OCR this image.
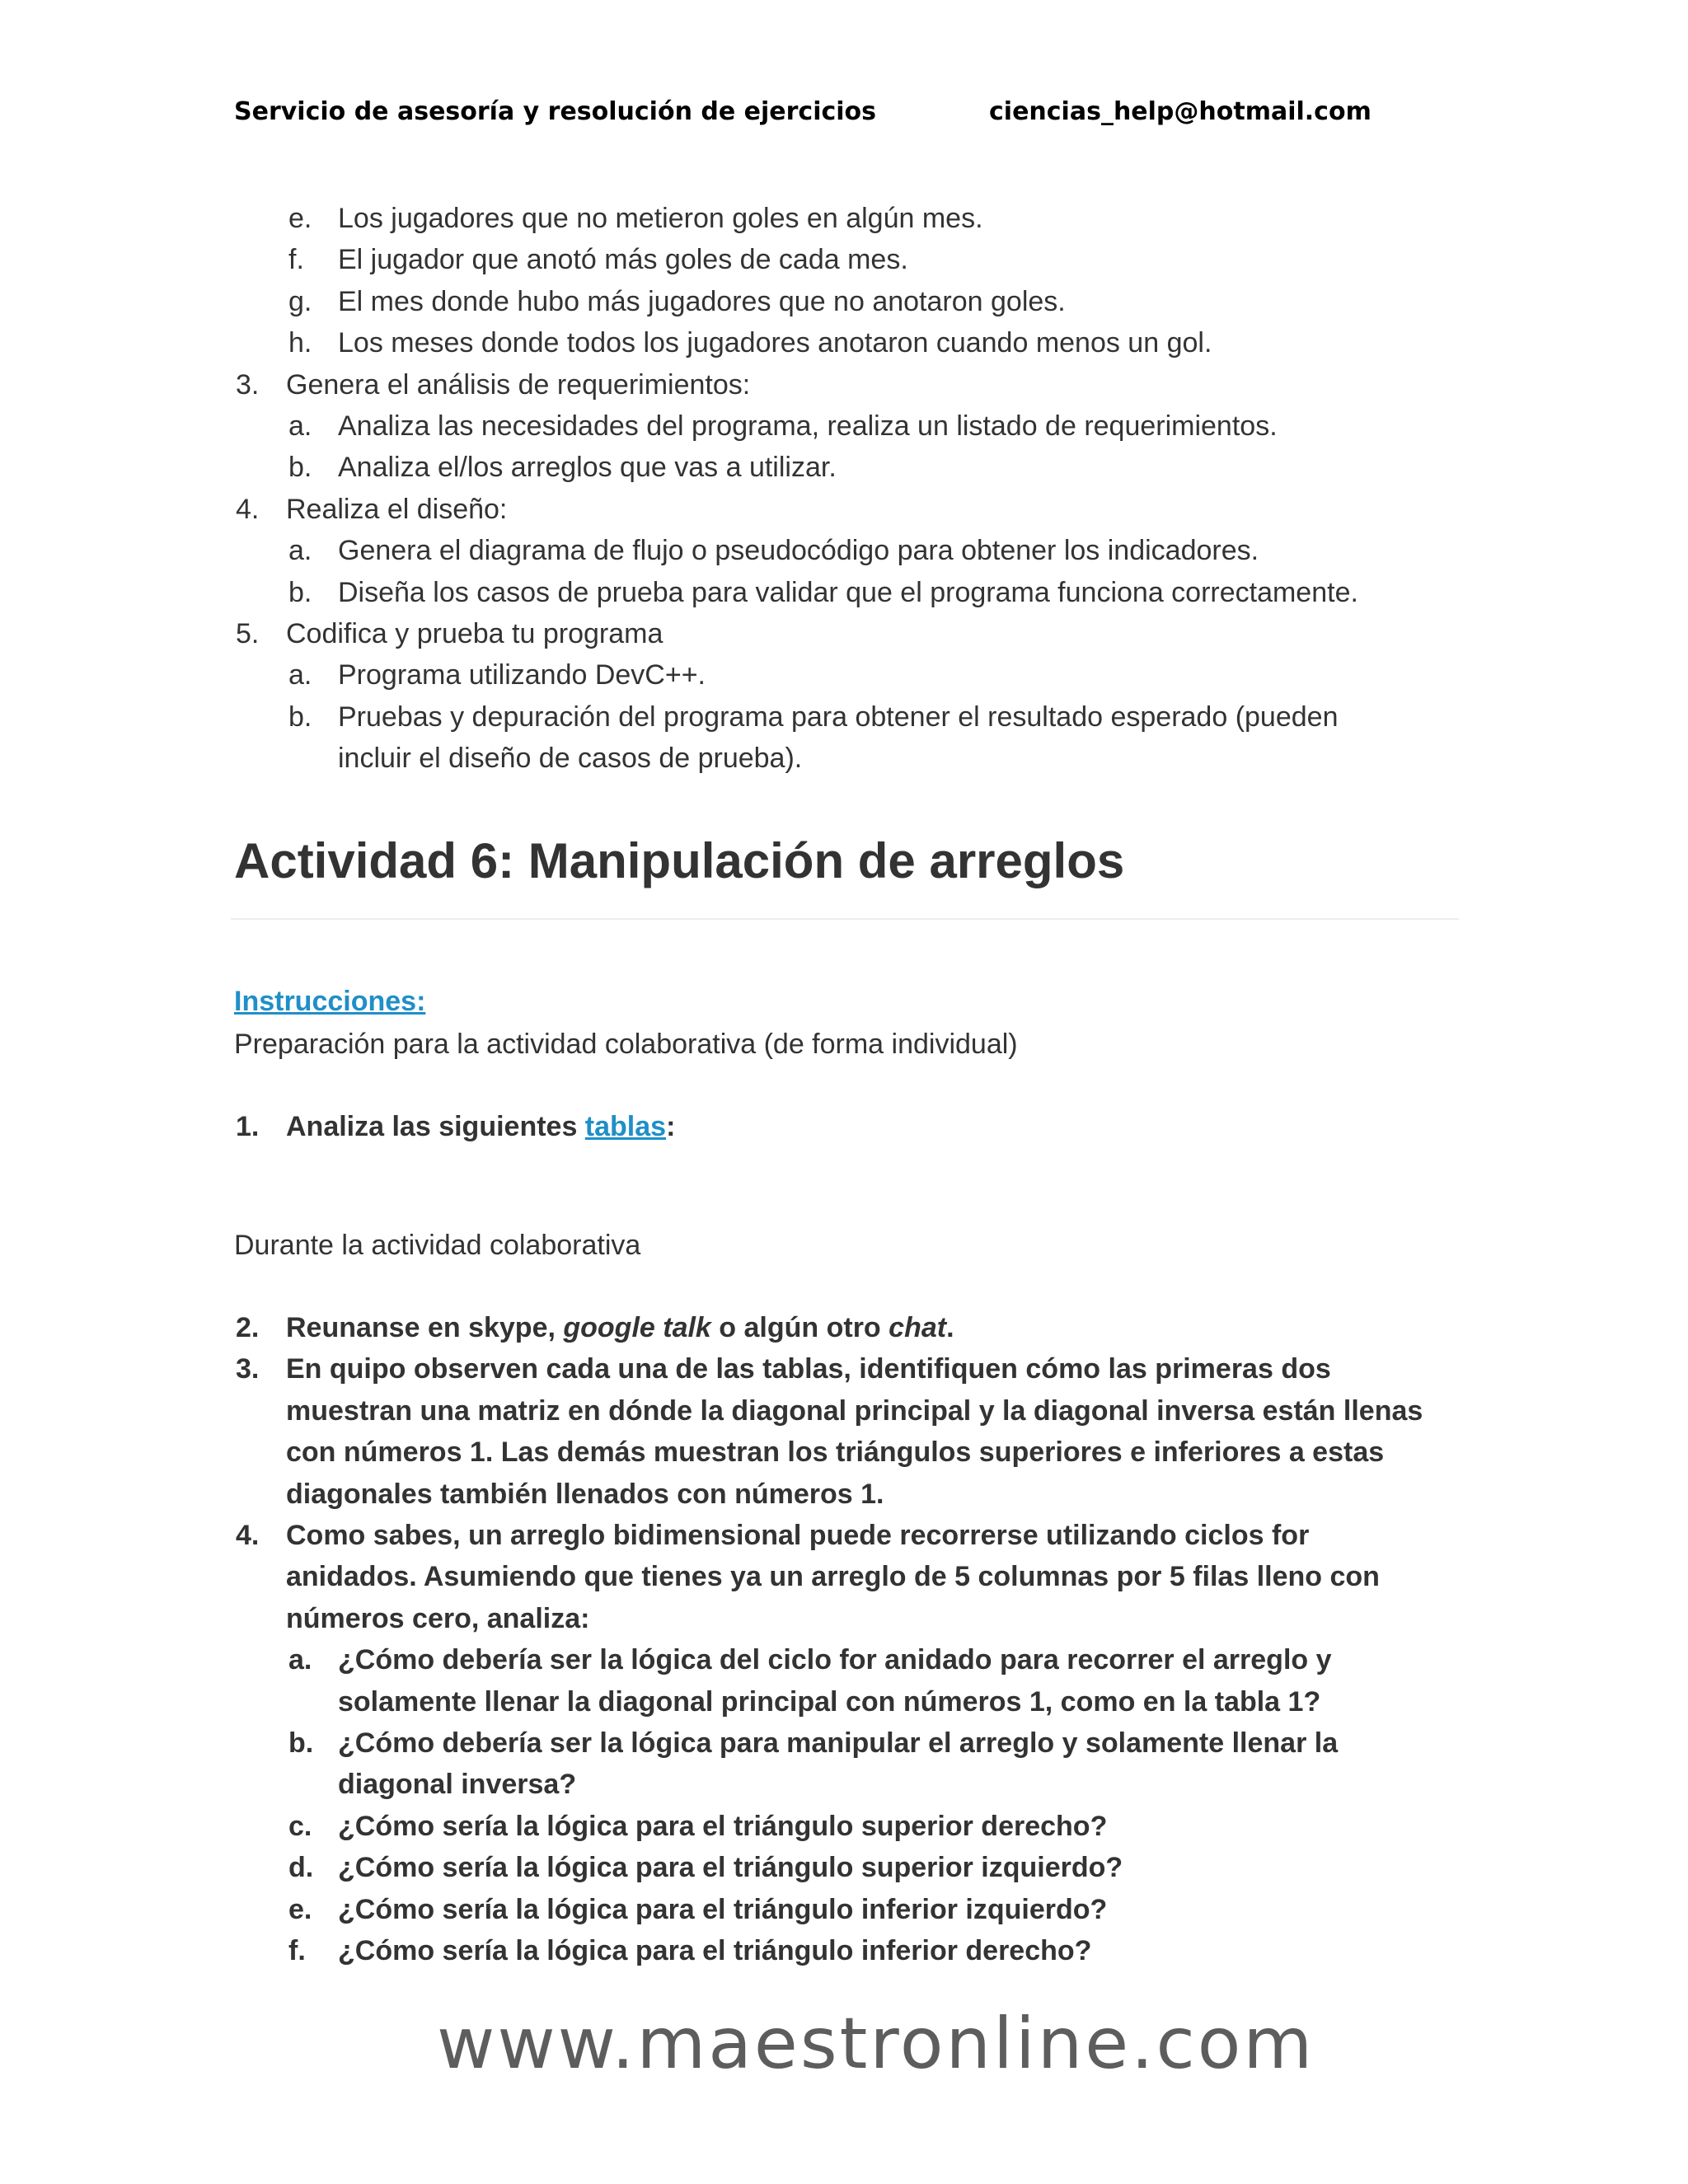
Servicio de asesoría y resolución de ejercicios	ciencias_help@hotmail.com
e. Los jugadores que no metieron goles en algún mes.
f. El jugador que anotó más goles de cada mes.
g. El mes donde hubo más jugadores que no anotaron goles.
h. Los meses donde todos los jugadores anotaron cuando menos un gol.
3. Genera el análisis de requerimientos:
a. Analiza las necesidades del programa, realiza un listado de requerimientos.
b. Analiza el/los arreglos que vas a utilizar.
4. Realiza el diseño:
a. Genera el diagrama de flujo o pseudocódigo para obtener los indicadores.
b. Diseña los casos de prueba para validar que el programa funciona correctamente.
5. Codifica y prueba tu programa
a. Programa utilizando DevC++.
b. Pruebas y depuración del programa para obtener el resultado esperado (pueden incluir el diseño de casos de prueba).
Actividad 6: Manipulación de arreglos
Instrucciones:
Preparación para la actividad colaborativa (de forma individual)
1. Analiza las siguientes tablas:
Durante la actividad colaborativa
2. Reunanse en skype, google talk o algún otro chat.
3. En quipo observen cada una de las tablas, identifiquen cómo las primeras dos muestran una matriz en dónde la diagonal principal y la diagonal inversa están llenas con números 1. Las demás muestran los triángulos superiores e inferiores a estas diagonales también llenados con números 1.
4. Como sabes, un arreglo bidimensional puede recorrerse utilizando ciclos for anidados. Asumiendo que tienes ya un arreglo de 5 columnas por 5 filas lleno con números cero, analiza:
a. ¿Cómo debería ser la lógica del ciclo for anidado para recorrer el arreglo y solamente llenar la diagonal principal con números 1, como en la tabla 1?
b. ¿Cómo debería ser la lógica para manipular el arreglo y solamente llenar la diagonal inversa?
c. ¿Cómo sería la lógica para el triángulo superior derecho?
d. ¿Cómo sería la lógica para el triángulo superior izquierdo?
e. ¿Cómo sería la lógica para el triángulo inferior izquierdo?
f. ¿Cómo sería la lógica para el triángulo inferior derecho?
www.maestronline.com
